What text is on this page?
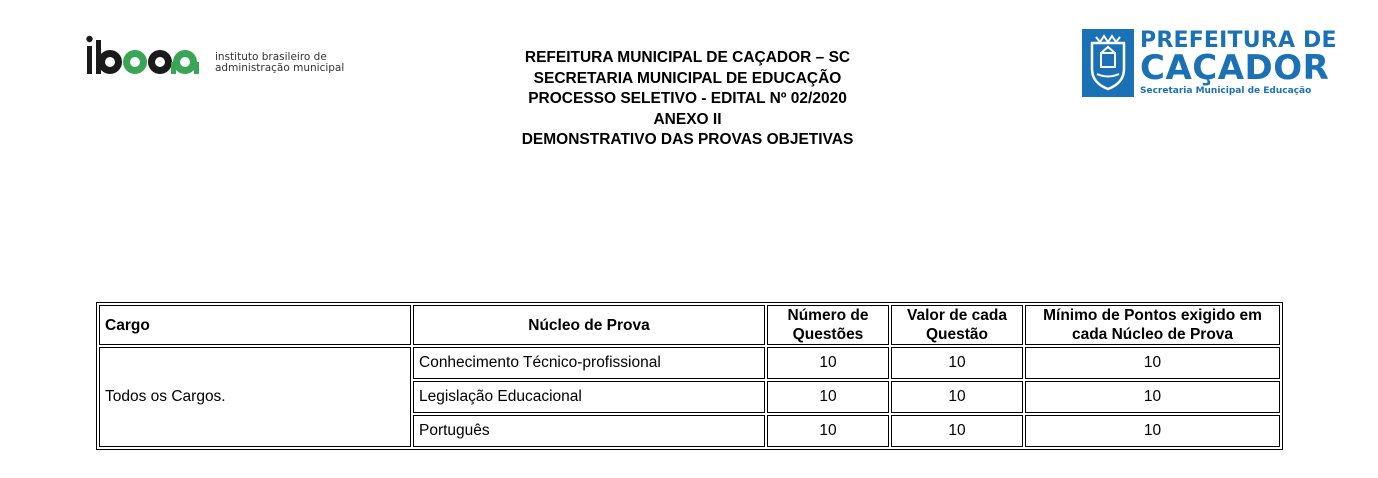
instituto brasileiro de
administração municipal
REFEITURA MUNICIPAL DE CAÇADOR – SC
SECRETARIA MUNICIPAL DE EDUCAÇÃO
PROCESSO SELETIVO - EDITAL Nº 02/2020
ANEXO II
DEMONSTRATIVO DAS PROVAS OBJETIVAS
PREFEITURA DE
CAÇADOR
Secretaria Municipal de Educação
Cargo	Núcleo de Prova	Número de Questões	Valor de cada Questão	Mínimo de Pontos exigido em cada Núcleo de Prova
Todos os Cargos.	Conhecimento Técnico-profissional	10	10	10
	Legislação Educacional	10	10	10
	Português	10	10	10
